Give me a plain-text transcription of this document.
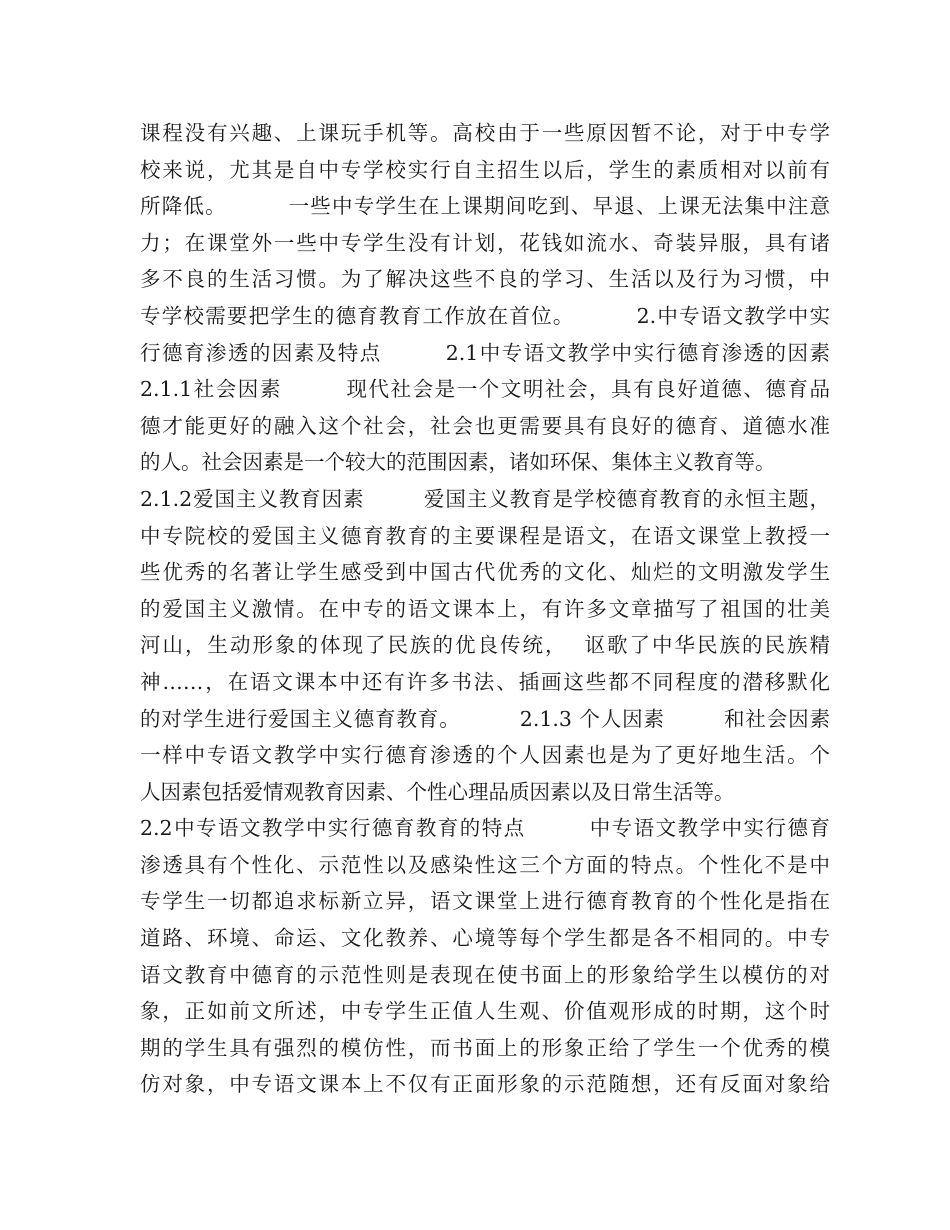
课程没有兴趣、上课玩手机等。高校由于一些原因暂不论，对于中专学
校来说，尤其是自中专学校实行自主招生以后，学生的素质相对以前有
所降低。        一些中专学生在上课期间吃到、早退、上课无法集中注意
力；在课堂外一些中专学生没有计划，花钱如流水、奇装异服，具有诸
多不良的生活习惯。为了解决这些不良的学习、生活以及行为习惯，中
专学校需要把学生的德育教育工作放在首位。        2.中专语文教学中实
行德育渗透的因素及特点        2.1中专语文教学中实行德育渗透的因素
2.1.1社会因素        现代社会是一个文明社会，具有良好道德、德育品
德才能更好的融入这个社会，社会也更需要具有良好的德育、道德水准
的人。社会因素是一个较大的范围因素，诸如环保、集体主义教育等。
2.1.2爱国主义教育因素        爱国主义教育是学校德育教育的永恒主题，
中专院校的爱国主义德育教育的主要课程是语文，在语文课堂上教授一
些优秀的名著让学生感受到中国古代优秀的文化、灿烂的文明激发学生
的爱国主义激情。在中专的语文课本上，有许多文章描写了祖国的壮美
河山，生动形象的体现了民族的优良传统，  讴歌了中华民族的民族精
神……，在语文课本中还有许多书法、插画这些都不同程度的潜移默化
的对学生进行爱国主义德育教育。        2.1.3 个人因素        和社会因素
一样中专语文教学中实行德育渗透的个人因素也是为了更好地生活。个
人因素包括爱情观教育因素、个性心理品质因素以及日常生活等。
2.2中专语文教学中实行德育教育的特点        中专语文教学中实行德育
渗透具有个性化、示范性以及感染性这三个方面的特点。个性化不是中
专学生一切都追求标新立异，语文课堂上进行德育教育的个性化是指在
道路、环境、命运、文化教养、心境等每个学生都是各不相同的。中专
语文教育中德育的示范性则是表现在使书面上的形象给学生以模仿的对
象，正如前文所述，中专学生正值人生观、价值观形成的时期，这个时
期的学生具有强烈的模仿性，而书面上的形象正给了学生一个优秀的模
仿对象，中专语文课本上不仅有正面形象的示范随想，还有反面对象给
